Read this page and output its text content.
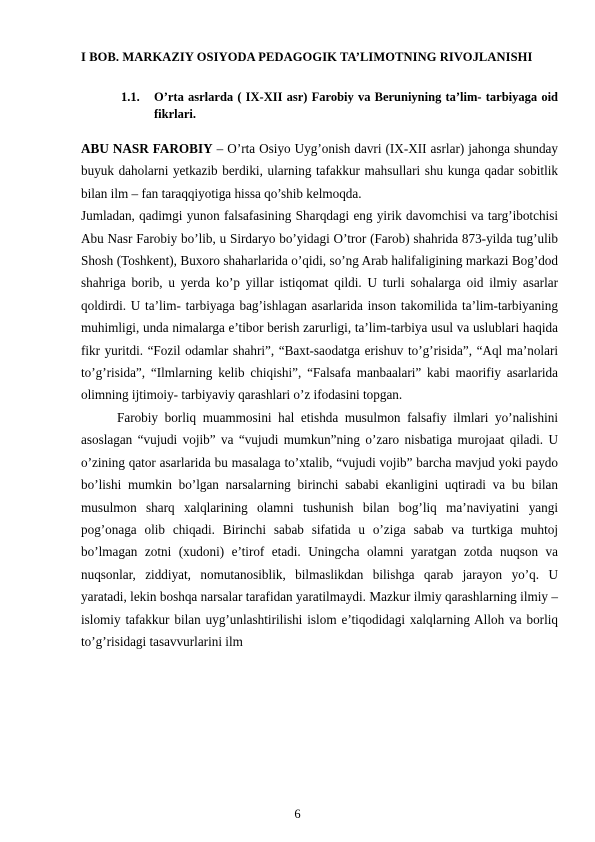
I BOB. MARKAZIY OSIYODA PEDAGOGIK TA’LIMOTNING RIVOJLANISHI
1.1. O’rta asrlarda ( IX-XII asr) Farobiy va Beruniyning ta’lim- tarbiyaga oid fikrlari.

ABU NASR FAROBIY – O’rta Osiyo Uyg’onish davri (IX-XII asrlar) jahonga shunday buyuk daholarni yetkazib berdiki, ularning tafakkur mahsullari shu kunga qadar sobitlik bilan ilm – fan taraqqiyotiga hissa qo’shib kelmoqda.

Jumladan, qadimgi yunon falsafasining Sharqdagi eng yirik davomchisi va targ’ibotchisi Abu Nasr Farobiy bo’lib, u Sirdaryo bo’yidagi O’tror (Farob) shahrida 873-yilda tug’ulib Shosh (Toshkent), Buxoro shaharlarida o’qidi, so’ng Arab halifaligining markazi Bog’dod shahriga borib, u yerda ko’p yillar istiqomat qildi. U turli sohalarga oid ilmiy asarlar qoldirdi. U ta’lim- tarbiyaga bag’ishlagan asarlarida inson takomilida ta’lim-tarbiyaning muhimligi, unda nimalarga e’tibor berish zarurligi, ta’lim-tarbiya usul va uslublari haqida fikr yuritdi. “Fozil odamlar shahri”, “Baxt-saodatga erishuv to’g’risida”, “Aql ma’nolari to’g’risida”, “Ilmlarning kelib chiqishi”, “Falsafa manbaalari” kabi maorifiy asarlarida olimning ijtimoiy- tarbiyaviy qarashlari o’z ifodasini topgan.

Farobiy borliq muammosini hal etishda musulmon falsafiy ilmlari yo’nalishini asoslagan “vujudi vojib” va “vujudi mumkun”ning o’zaro nisbatiga murojaat qiladi. U o’zining qator asarlarida bu masalaga to’xtalib, “vujudi vojib” barcha mavjud yoki paydo bo’lishi mumkin bo’lgan narsalarning birinchi sababi ekanligini uqtiradi va bu bilan musulmon sharq xalqlarining olamni tushunish bilan bog’liq ma’naviyatini yangi pog’onaga olib chiqadi. Birinchi sabab sifatida u o’ziga sabab va turtkiga muhtoj bo’lmagan zotni (xudoni) e’tirof etadi. Uningcha olamni yaratgan zotda nuqson va nuqsonlar, ziddiyat, nomutanosiblik, bilmaslikdan bilishga qarab jarayon yo’q. U yaratadi, lekin boshqa narsalar tarafidan yaratilmaydi. Mazkur ilmiy qarashlarning ilmiy – islomiy tafakkur bilan uyg’unlashtirilishi islom e’tiqodidagi xalqlarning Alloh va borliq to’g’risidagi tasavvurlarini ilm

6
